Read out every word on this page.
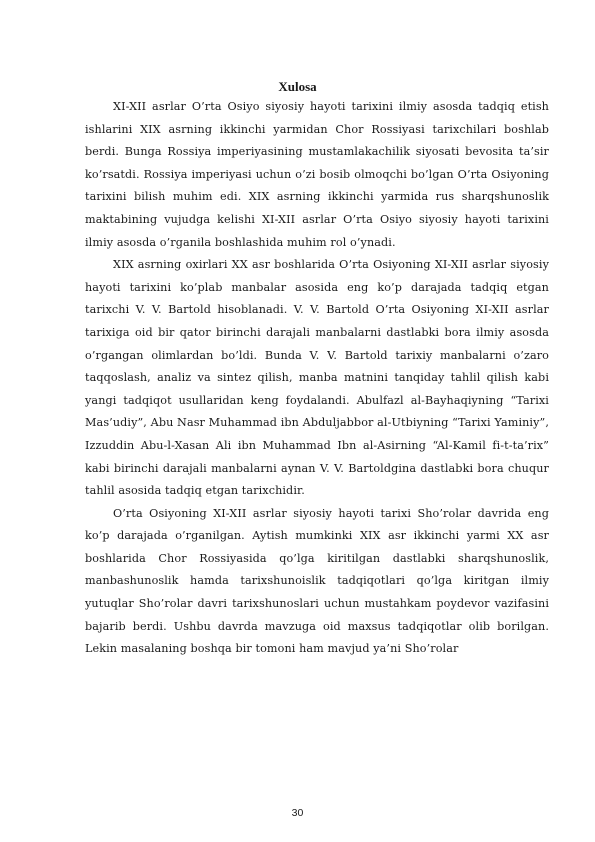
Xulosa

XI-XII asrlar O’rta Osiyo siyosiy hayoti tarixini ilmiy asosda tadqiq etish ishlarini XIX asrning ikkinchi yarmidan Chor Rossiyasi tarixchilari boshlab berdi. Bunga Rossiya imperiyasining mustamlakachilik siyosati bevosita ta’sir ko’rsatdi. Rossiya imperiyasi uchun o’zi bosib olmoqchi bo’lgan O’rta Osiyoning tarixini bilish muhim edi. XIX asrning ikkinchi yarmida rus sharqshunoslik maktabining vujudga kelishi XI-XII asrlar O’rta Osiyo siyosiy hayoti tarixini ilmiy asosda o’rganila boshlashida muhim rol o’ynadi.

XIX asrning oxirlari XX asr boshlarida O’rta Osiyoning XI-XII asrlar siyosiy hayoti tarixini ko’plab manbalar asosida eng ko’p darajada tadqiq etgan tarixchi V. V. Bartold hisoblanadi. V. V. Bartold O’rta Osiyoning XI-XII asrlar tarixiga oid bir qator birinchi darajali manbalarni dastlabki bora ilmiy asosda o’rgangan olimlardan bo’ldi. Bunda V. V. Bartold tarixiy manbalarni o’zaro taqqoslash, analiz va sintez qilish, manba matnini tanqiday tahlil qilish kabi yangi tadqiqot usullaridan keng foydalandi. Abulfazl al-Bayhaqiyning “Tarixi Mas’udiy”, Abu Nasr Muhammad ibn Abduljabbor al-Utbiyning “Tarixi Yaminiy”, Izzuddin Abu-l-Xasan Ali ibn Muhammad Ibn al-Asirning “Al-Kamil fi-t-ta’rix” kabi birinchi darajali manbalarni aynan V. V. Bartoldgina dastlabki bora chuqur tahlil asosida tadqiq etgan tarixchidir.

O’rta Osiyoning XI-XII asrlar siyosiy hayoti tarixi Sho’rolar davrida eng ko’p darajada o’rganilgan. Aytish mumkinki XIX asr ikkinchi yarmi XX asr boshlarida Chor Rossiyasida qo’lga kiritilgan dastlabki sharqshunoslik, manbashunoslik hamda tarixshunoislik tadqiqotlari qo’lga kiritgan ilmiy yutuqlar Sho’rolar davri tarixshunoslari uchun mustahkam poydevor vazifasini bajarib berdi. Ushbu davrda mavzuga oid maxsus tadqiqotlar olib borilgan. Lekin masalaning boshqa bir tomoni ham mavjud ya’ni Sho’rolar

30
